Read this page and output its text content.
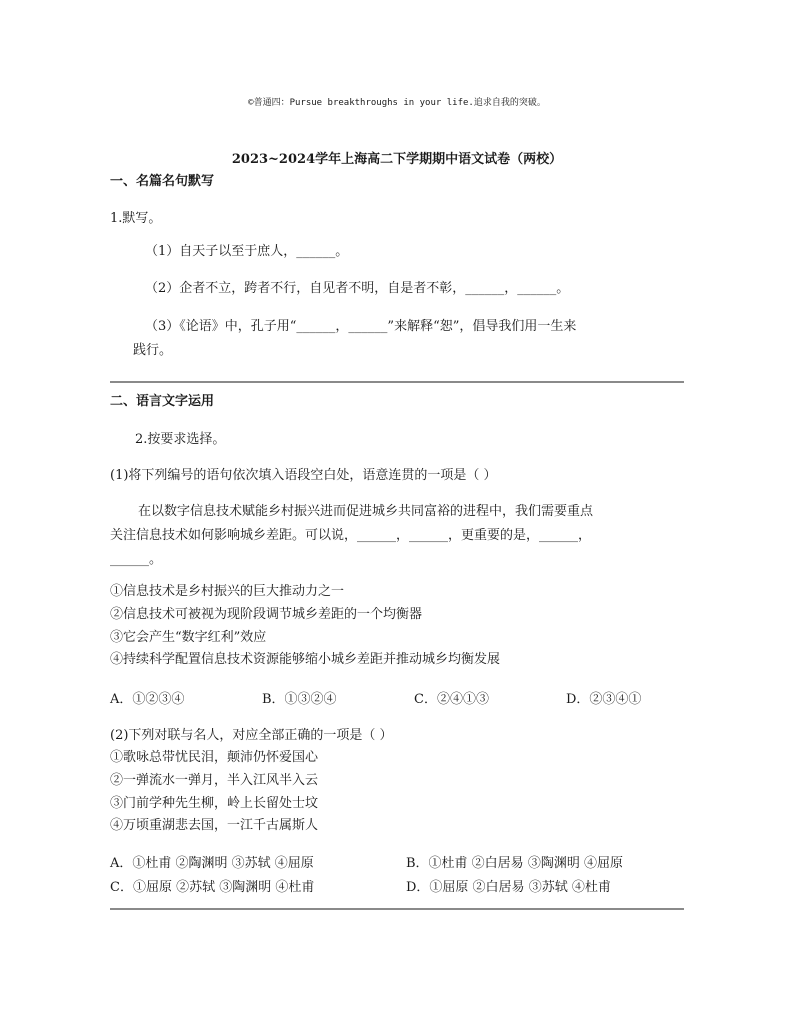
©普通四：Pursue breakthroughs in your life.追求自我的突破。
2023~2024学年上海高二下学期期中语文试卷（两校）
一、名篇名句默写
1.默写。
（1）自天子以至于庶人，______。
（2）企者不立，跨者不行，自见者不明，自是者不彰，______，______。
（3）《论语》中，孔子用“______，______”来解释“恕”，倡导我们用一生来
践行。
二、语言文字运用
2.按要求选择。
(1)将下列编号的语句依次填入语段空白处，语意连贯的一项是（ ）
在以数字信息技术赋能乡村振兴进而促进城乡共同富裕的进程中，我们需要重点
关注信息技术如何影响城乡差距。可以说，______，______，更重要的是，______，
______。
①信息技术是乡村振兴的巨大推动力之一
②信息技术可被视为现阶段调节城乡差距的一个均衡器
③它会产生“数字红利”效应
④持续科学配置信息技术资源能够缩小城乡差距并推动城乡均衡发展
A．①②③④	B．①③②④	C．②④①③	D．②③④①
(2)下列对联与名人，对应全部正确的一项是（ ）
①歌咏总带忧民泪，颠沛仍怀爱国心
②一弹流水一弹月，半入江风半入云
③门前学种先生柳，岭上长留处士坟
④万顷重湖悲去国，一江千古属斯人
A．①杜甫 ②陶渊明 ③苏轼 ④屈原	B．①杜甫 ②白居易 ③陶渊明 ④屈原
C．①屈原 ②苏轼 ③陶渊明 ④杜甫	D．①屈原 ②白居易 ③苏轼 ④杜甫
